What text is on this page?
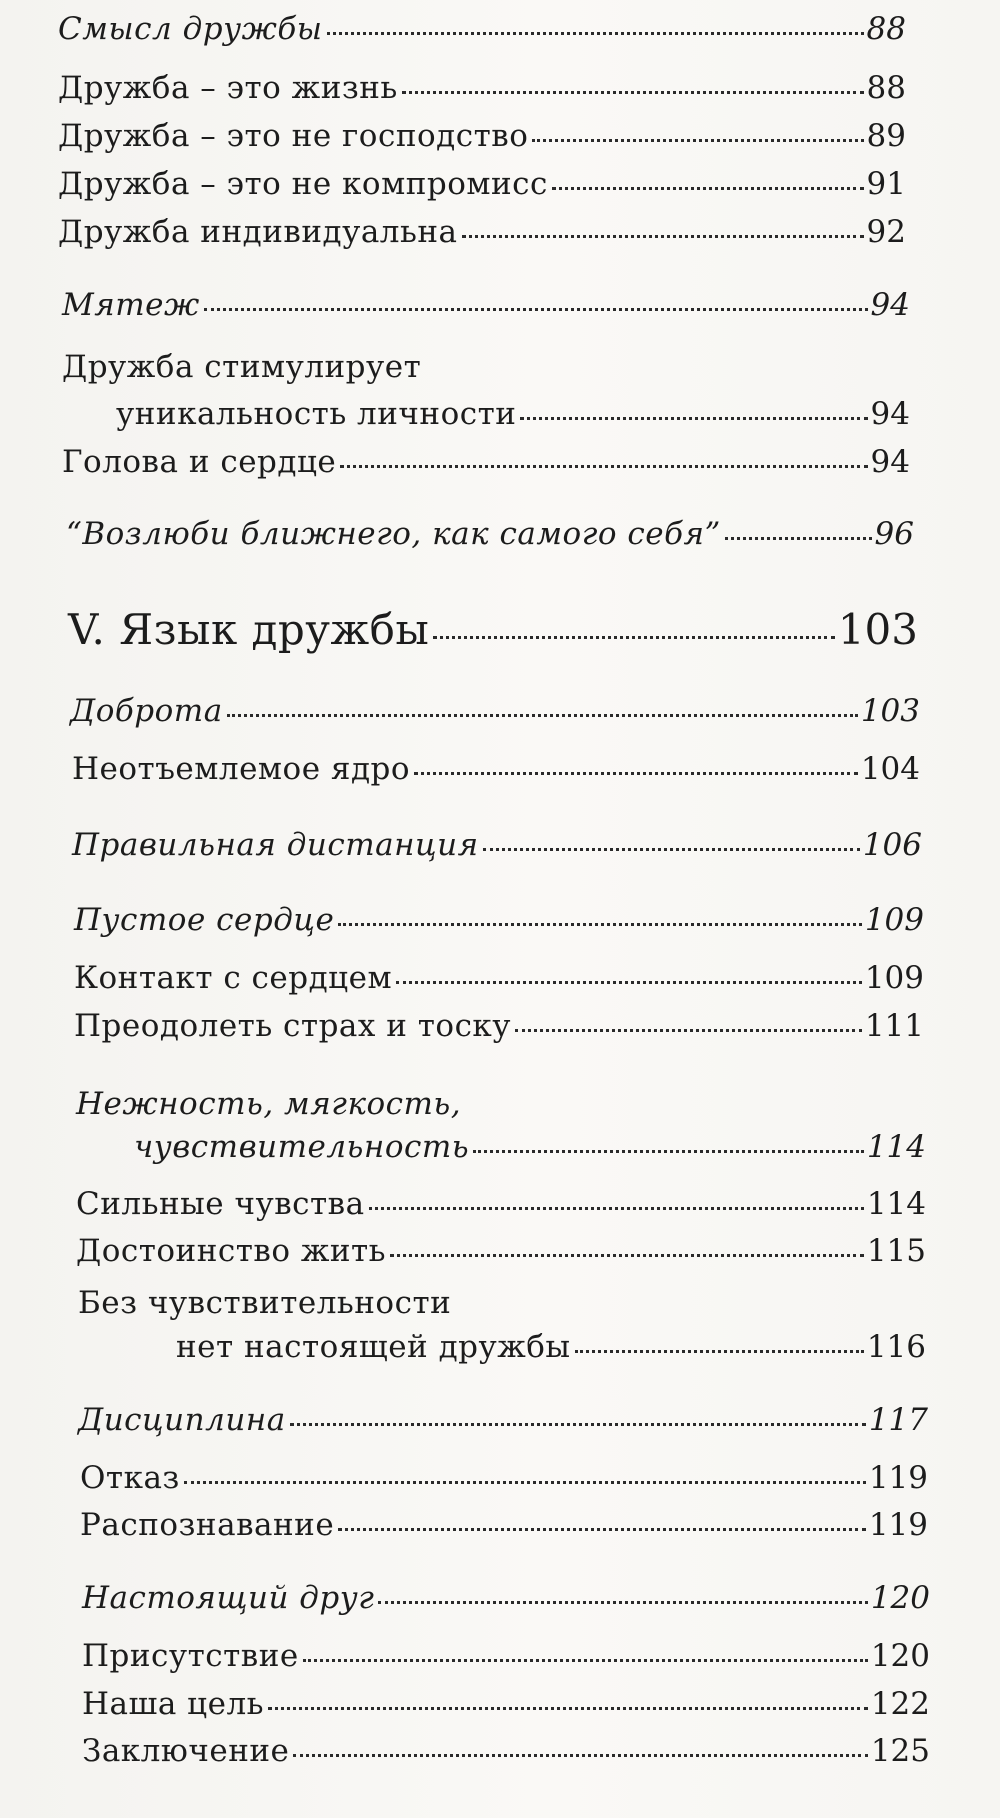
Смысл дружбы	88
Дружба – это жизнь	88
Дружба – это не господство	89
Дружба – это не компромисс	91
Дружба индивидуальна	92
Мятеж	94
Дружба стимулирует
уникальность личности	94
Голова и сердце	94
“Возлюби ближнего, как самого себя”	96
V. Язык дружбы	103
Доброта	103
Неотъемлемое ядро	104
Правильная дистанция	106
Пустое сердце	109
Контакт с сердцем	109
Преодолеть страх и тоску	111
Нежность, мягкость,
чувствительность	114
Сильные чувства	114
Достоинство жить	115
Без чувствительности
нет настоящей дружбы	116
Дисциплина	117
Отказ	119
Распознавание	119
Настоящий друг	120
Присутствие	120
Наша цель	122
Заключение	125
